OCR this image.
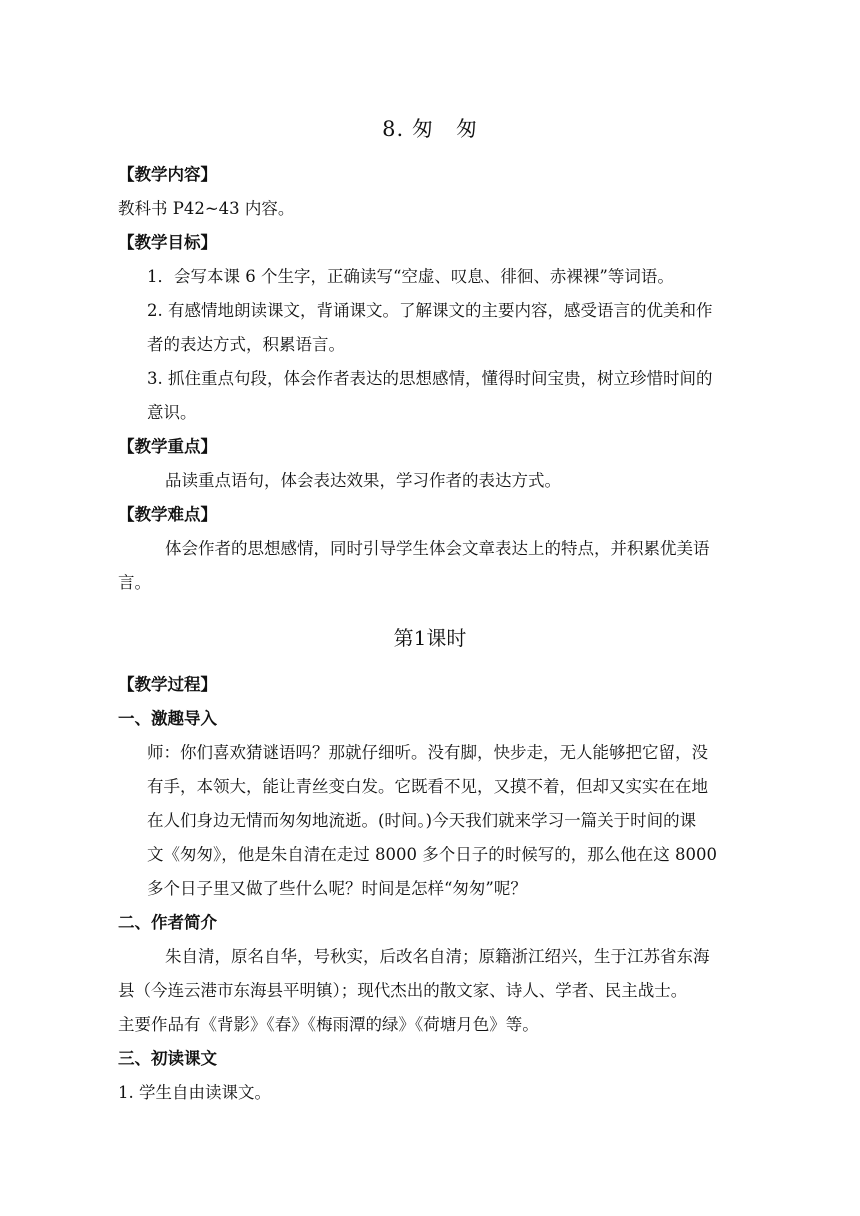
8. 匆　匆
【教学内容】
教科书 P42~43 内容。
【教学目标】
1．会写本课 6 个生字，正确读写“空虚、叹息、徘徊、赤裸裸”等词语。
2. 有感情地朗读课文，背诵课文。了解课文的主要内容，感受语言的优美和作
者的表达方式，积累语言。
3. 抓住重点句段，体会作者表达的思想感情，懂得时间宝贵，树立珍惜时间的
意识。
【教学重点】
品读重点语句，体会表达效果，学习作者的表达方式。
【教学难点】
体会作者的思想感情，同时引导学生体会文章表达上的特点，并积累优美语
言。
第1课时
【教学过程】
一、激趣导入
师：你们喜欢猜谜语吗？那就仔细听。没有脚，快步走，无人能够把它留，没
有手，本领大，能让青丝变白发。它既看不见，又摸不着，但却又实实在在地
在人们身边无情而匆匆地流逝。(时间。)今天我们就来学习一篇关于时间的课
文《匆匆》，他是朱自清在走过 8000 多个日子的时候写的，那么他在这 8000
多个日子里又做了些什么呢？时间是怎样“匆匆”呢？
二、作者简介
朱自清，原名自华，号秋实，后改名自清；原籍浙江绍兴，生于江苏省东海
县（今连云港市东海县平明镇）；现代杰出的散文家、诗人、学者、民主战士。
主要作品有《背影》《春》《梅雨潭的绿》《荷塘月色》等。
三、初读课文
1. 学生自由读课文。
